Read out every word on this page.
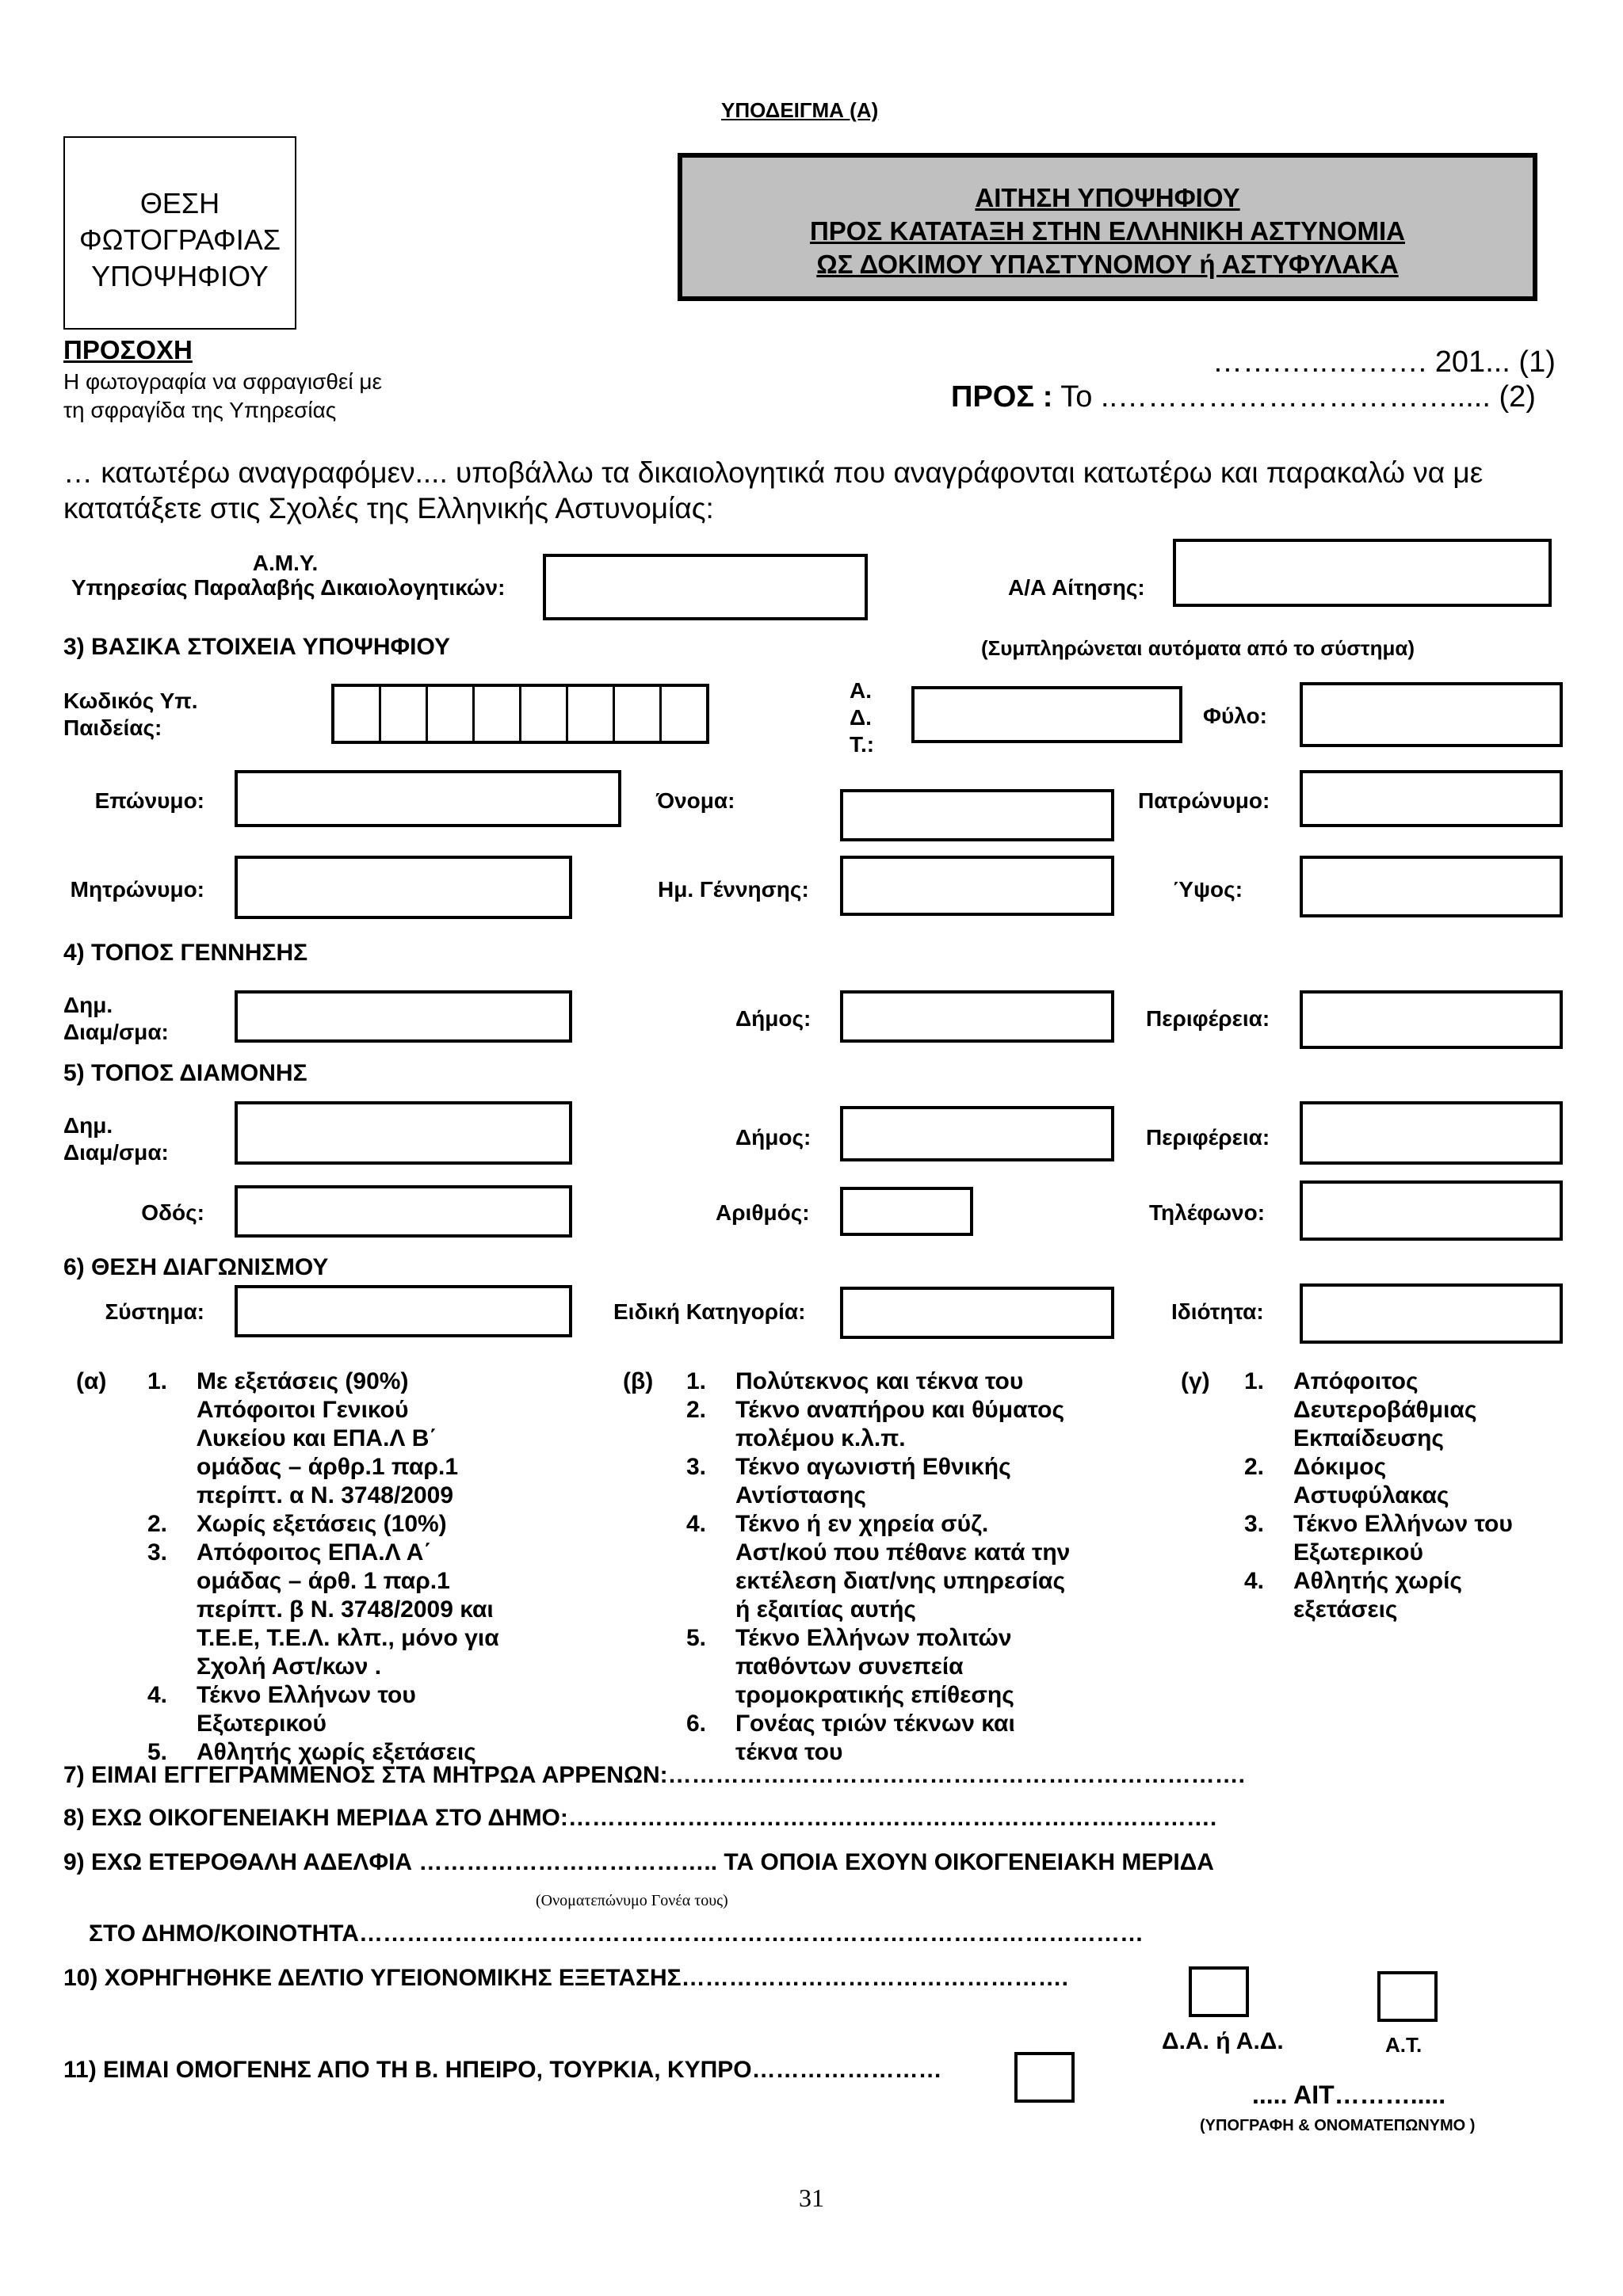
ΥΠΟΔΕΙΓΜΑ (Α)
ΘΕΣΗ
ΦΩΤΟΓΡΑΦΙΑΣ
ΥΠΟΨΗΦΙΟΥ
ΑΙΤΗΣΗ ΥΠΟΨΗΦΙΟΥ
ΠΡΟΣ ΚΑΤΑΤΑΞΗ ΣΤΗΝ ΕΛΛΗΝΙΚΗ ΑΣΤΥΝΟΜΙΑ
ΩΣ ΔΟΚΙΜΟΥ ΥΠΑΣΤΥΝΟΜΟΥ ή ΑΣΤΥΦΥΛΑΚΑ
ΠΡΟΣΟΧΗ
Η φωτογραφία να σφραγισθεί με
τη σφραγίδα της Υπηρεσίας
…….…..………. 201... (1)
ΠΡΟΣ : Το ..……………………………..... (2)
… κατωτέρω αναγραφόμεν.... υποβάλλω τα δικαιολογητικά που αναγράφονται κατωτέρω και παρακαλώ να με κατατάξετε στις Σχολές της Ελληνικής Αστυνομίας:
Α.Μ.Υ.
Υπηρεσίας Παραλαβής Δικαιολογητικών:	Α/Α Αίτησης:
3) ΒΑΣΙΚΑ ΣΤΟΙΧΕΙΑ ΥΠΟΨΗΦΙΟΥ	(Συμπληρώνεται αυτόματα από το σύστημα)
Κωδικός Υπ.
Παιδείας:
Α.
Δ.
Τ.:
Φύλο:
Επώνυμο:	Όνομα:	Πατρώνυμο:
Μητρώνυμο:	Ημ. Γέννησης:	Ύψος:
4) ΤΟΠΟΣ ΓΕΝΝΗΣΗΣ
Δημ.
Διαμ/σμα:
Δήμος:	Περιφέρεια:
5) ΤΟΠΟΣ ΔΙΑΜΟΝΗΣ
Δημ.
Διαμ/σμα:
Δήμος:	Περιφέρεια:
Οδός:	Αριθμός:	Τηλέφωνο:
6) ΘΕΣΗ ΔΙΑΓΩΝΙΣΜΟΥ
Σύστημα:	Ειδική Κατηγορία:	Ιδιότητα:
(α)	1.	Με εξετάσεις (90%)
Απόφοιτοι Γενικού
Λυκείου και ΕΠΑ.Λ Β΄
ομάδας – άρθρ.1 παρ.1
περίπτ. α Ν. 3748/2009

	2.	Χωρίς εξετάσεις (10%)

	3.	Απόφοιτος ΕΠΑ.Λ Α΄
ομάδας – άρθ. 1 παρ.1
περίπτ. β Ν. 3748/2009 και
Τ.Ε.Ε, Τ.Ε.Λ. κλπ., μόνο για
Σχολή Αστ/κων .

	4.	Τέκνο Ελλήνων του
Εξωτερικού

	5.	Αθλητής χωρίς εξετάσεις
(β)	1.	Πολύτεκνος και τέκνα του

	2.	Τέκνο αναπήρου και θύματος
πολέμου κ.λ.π.

	3.	Τέκνο αγωνιστή Εθνικής
Αντίστασης

	4.	Τέκνο ή εν χηρεία σύζ.
Αστ/κού που πέθανε κατά την
εκτέλεση διατ/νης υπηρεσίας
ή εξαιτίας αυτής

	5.	Τέκνο Ελλήνων πολιτών
παθόντων συνεπεία
τρομοκρατικής επίθεσης

	6.	Γονέας τριών τέκνων και
τέκνα του
(γ)	1.	Απόφοιτος
Δευτεροβάθμιας
Εκπαίδευσης

	2.	Δόκιμος
Αστυφύλακας

	3.	Τέκνο Ελλήνων του
Εξωτερικού

	4.	Αθλητής χωρίς
εξετάσεις
7) ΕΙΜΑΙ ΕΓΓΕΓΡΑΜΜΕΝΟΣ ΣΤΑ ΜΗΤΡΩΑ ΑΡΡΕΝΩΝ:……………………………………………………………….
8) ΕΧΩ ΟΙΚΟΓΕΝΕΙΑΚΗ ΜΕΡΙΔΑ ΣΤΟ ΔΗΜΟ:……………………………………………………………………….
9) ΕΧΩ ΕΤΕΡΟΘΑΛΗ ΑΔΕΛΦΙΑ ……………………………….. ΤΑ ΟΠΟΙΑ ΕΧΟΥΝ ΟΙΚΟΓΕΝΕΙΑΚΗ ΜΕΡΙΔΑ
(Ονοματεπώνυμο Γονέα τους)
ΣΤΟ ΔΗΜΟ/ΚΟΙΝΟΤΗΤΑ………………………………………………………………………………………
10) ΧΟΡΗΓΗΘΗΚΕ ΔΕΛΤΙΟ ΥΓΕΙΟΝΟΜΙΚΗΣ ΕΞΕΤΑΣΗΣ………………………………………….
Δ.Α. ή Α.Δ.	Α.Τ.
11) ΕΙΜΑΙ ΟΜΟΓΕΝΗΣ ΑΠΟ ΤΗ Β. ΗΠΕΙΡΟ, ΤΟΥΡΚΙΑ, ΚΥΠΡΟ……………………
..... ΑΙΤ……….....
(ΥΠΟΓΡΑΦΗ & ΟΝΟΜΑΤΕΠΩΝΥΜΟ )
31
